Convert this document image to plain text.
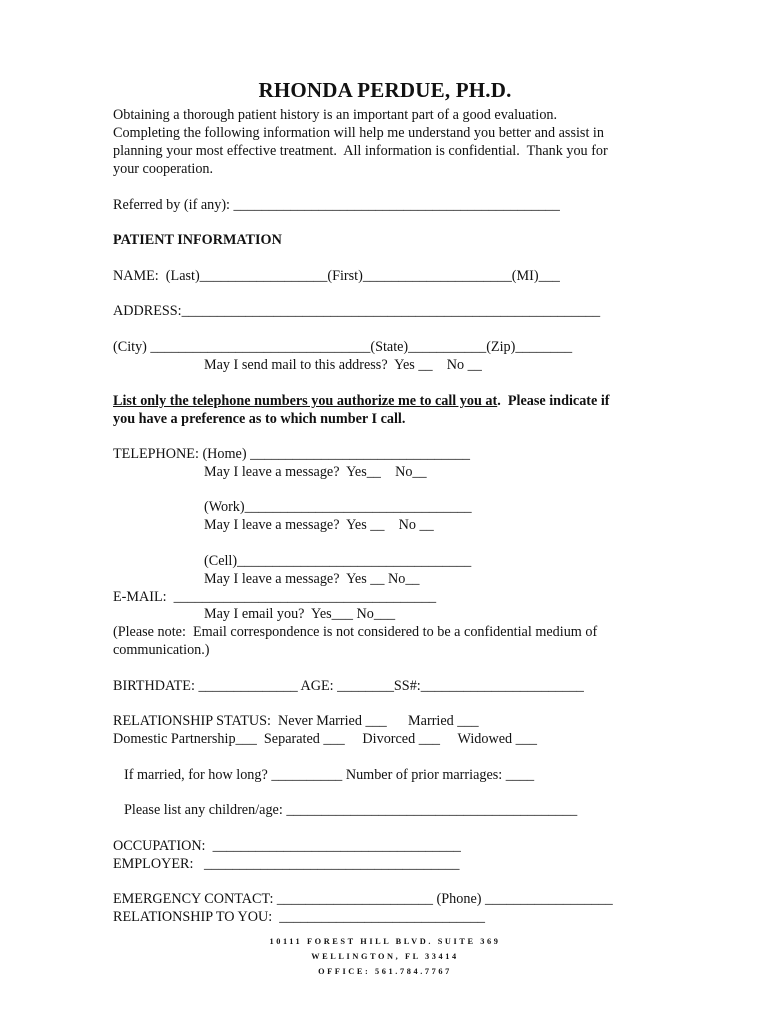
RHONDA PERDUE, PH.D.
Obtaining a thorough patient history is an important part of a good evaluation.
Completing the following information will help me understand you better and assist in
planning your most effective treatment.  All information is confidential.  Thank you for
your cooperation.
Referred by (if any): ______________________________________________
PATIENT INFORMATION
NAME:  (Last)__________________(First)_____________________(MI)___
ADDRESS:___________________________________________________________
(City) _______________________________(State)___________(Zip)________
May I send mail to this address?  Yes __    No __
List only the telephone numbers you authorize me to call you at.  Please indicate if
you have a preference as to which number I call.
TELEPHONE: (Home) _______________________________
May I leave a message?  Yes__    No__
(Work)________________________________
May I leave a message?  Yes __    No __
(Cell)_________________________________
May I leave a message?  Yes __ No__
E-MAIL:  _____________________________________
May I email you?  Yes___ No___
(Please note:  Email correspondence is not considered to be a confidential medium of
communication.)
BIRTHDATE: ______________ AGE: ________SS#:_______________________
RELATIONSHIP STATUS:  Never Married ___      Married ___
Domestic Partnership___  Separated ___     Divorced ___     Widowed ___
If married, for how long? __________ Number of prior marriages: ____
Please list any children/age: _________________________________________
OCCUPATION:  ___________________________________
EMPLOYER:   ____________________________________
EMERGENCY CONTACT: ______________________ (Phone) __________________
RELATIONSHIP TO YOU:  _____________________________
10111 FOREST HILL BLVD. SUITE 369
WELLINGTON, FL 33414
OFFICE: 561.784.7767
